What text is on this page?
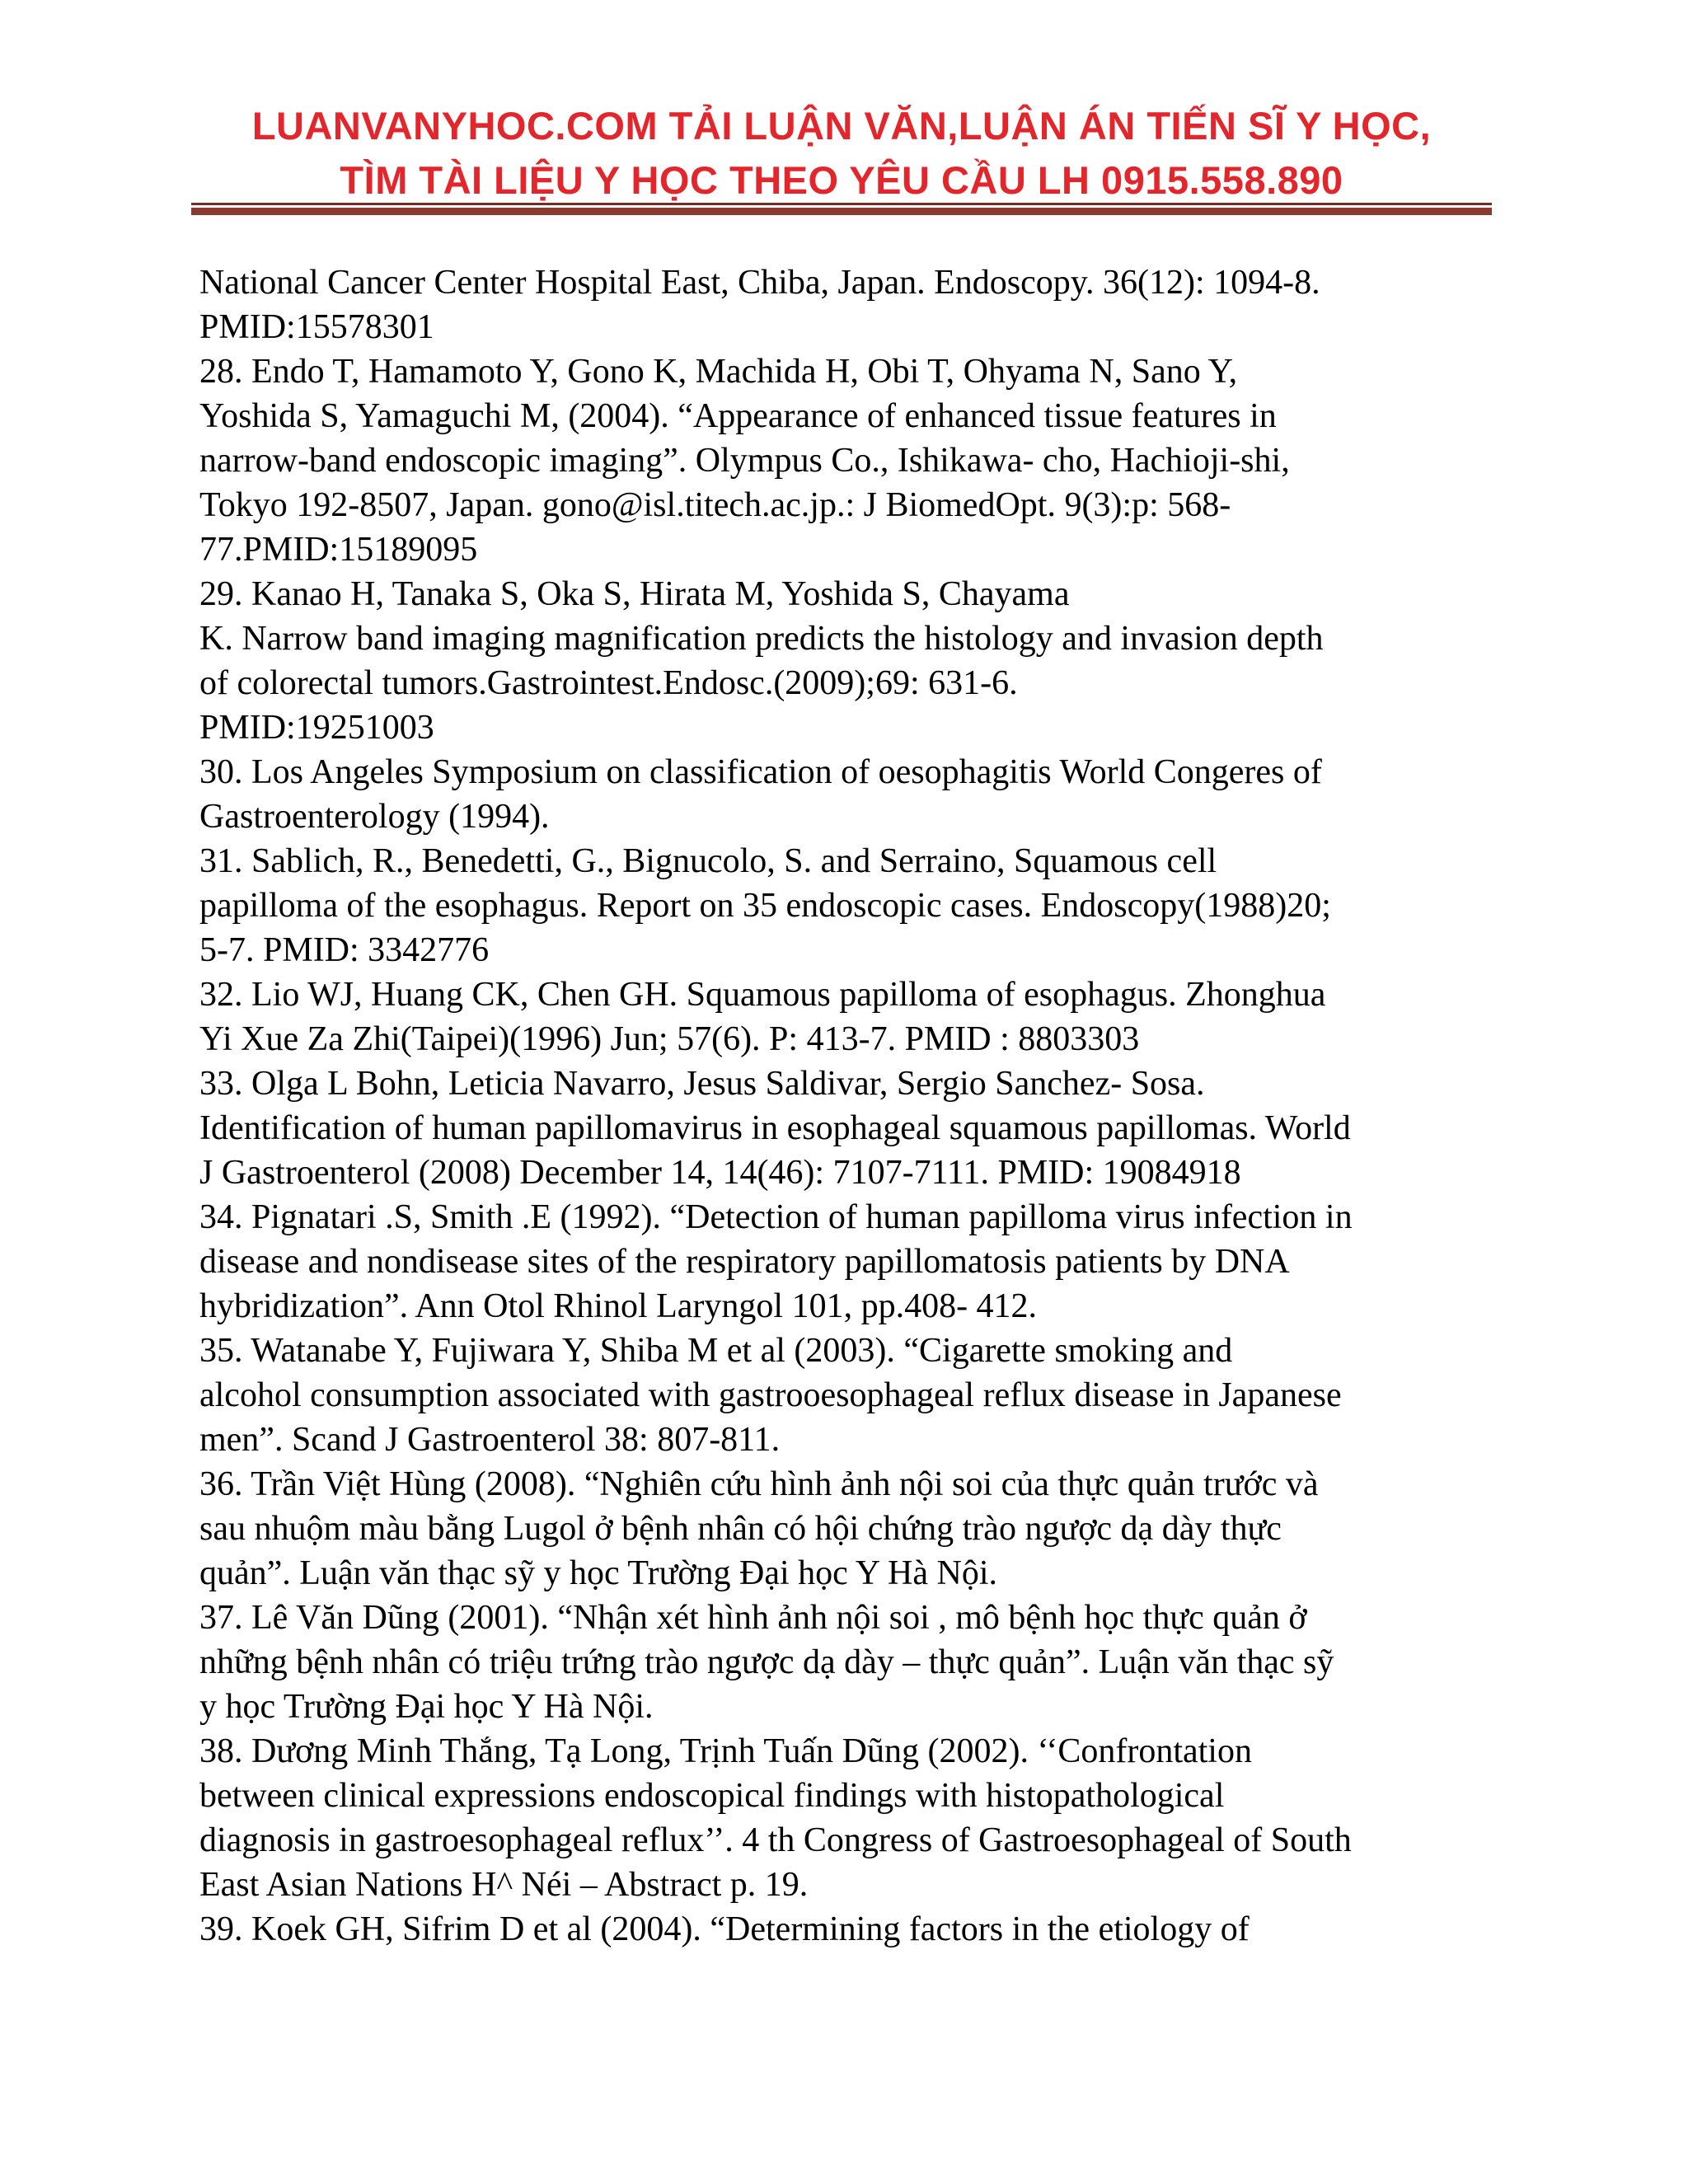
LUANVANYHOC.COM TẢI LUẬN VĂN,LUẬN ÁN TIẾN SĨ Y HỌC,
TÌM TÀI LIỆU Y HỌC THEO YÊU CẦU LH 0915.558.890
National Cancer Center Hospital East, Chiba, Japan. Endoscopy. 36(12): 1094-8.
PMID:15578301
28. Endo T, Hamamoto Y, Gono K, Machida H, Obi T, Ohyama N, Sano Y,
Yoshida S, Yamaguchi M, (2004). “Appearance of enhanced tissue features in
narrow-band endoscopic imaging”. Olympus Co., Ishikawa- cho, Hachioji-shi,
Tokyo 192-8507, Japan. gono@isl.titech.ac.jp.: J BiomedOpt. 9(3):p: 568-
77.PMID:15189095
29. Kanao H, Tanaka S, Oka S, Hirata M, Yoshida S, Chayama
K. Narrow band imaging magnification predicts the histology and invasion depth
of colorectal tumors.Gastrointest.Endosc.(2009);69: 631-6.
PMID:19251003
30. Los Angeles Symposium on classification of oesophagitis World Congeres of
Gastroenterology (1994).
31. Sablich, R., Benedetti, G., Bignucolo, S. and Serraino, Squamous cell
papilloma of the esophagus. Report on 35 endoscopic cases. Endoscopy(1988)20;
5-7. PMID: 3342776
32. Lio WJ, Huang CK, Chen GH. Squamous papilloma of esophagus. Zhonghua
Yi Xue Za Zhi(Taipei)(1996) Jun; 57(6). P: 413-7. PMID : 8803303
33. Olga L Bohn, Leticia Navarro, Jesus Saldivar, Sergio Sanchez- Sosa.
Identification of human papillomavirus in esophageal squamous papillomas. World
J Gastroenterol (2008) December 14, 14(46): 7107-7111. PMID: 19084918
34. Pignatari .S, Smith .E (1992). “Detection of human papilloma virus infection in
disease and nondisease sites of the respiratory papillomatosis patients by DNA
hybridization”. Ann Otol Rhinol Laryngol 101, pp.408- 412.
35. Watanabe Y, Fujiwara Y, Shiba M et al (2003). “Cigarette smoking and
alcohol consumption associated with gastrooesophageal reflux disease in Japanese
men”. Scand J Gastroenterol 38: 807-811.
36. Trần Việt Hùng (2008). “Nghiên cứu hình ảnh nội soi của thực quản trước và
sau nhuộm màu bằng Lugol ở bệnh nhân có hội chứng trào ngược dạ dày thực
quản”. Luận văn thạc sỹ y học Trường Đại học Y Hà Nội.
37. Lê Văn Dũng (2001). “Nhận xét hình ảnh nội soi , mô bệnh học thực quản ở
những bệnh nhân có triệu trứng trào ngược dạ dày – thực quản”. Luận văn thạc sỹ
y học Trường Đại học Y Hà Nội.
38. Dương Minh Thắng, Tạ Long, Trịnh Tuấn Dũng (2002). ‘‘Confrontation
between clinical expressions endoscopical findings with histopathological
diagnosis in gastroesophageal reflux’’. 4 th Congress of Gastroesophageal of South
East Asian Nations H^ Néi – Abstract p. 19.
39. Koek GH, Sifrim D et al (2004). “Determining factors in the etiology of
